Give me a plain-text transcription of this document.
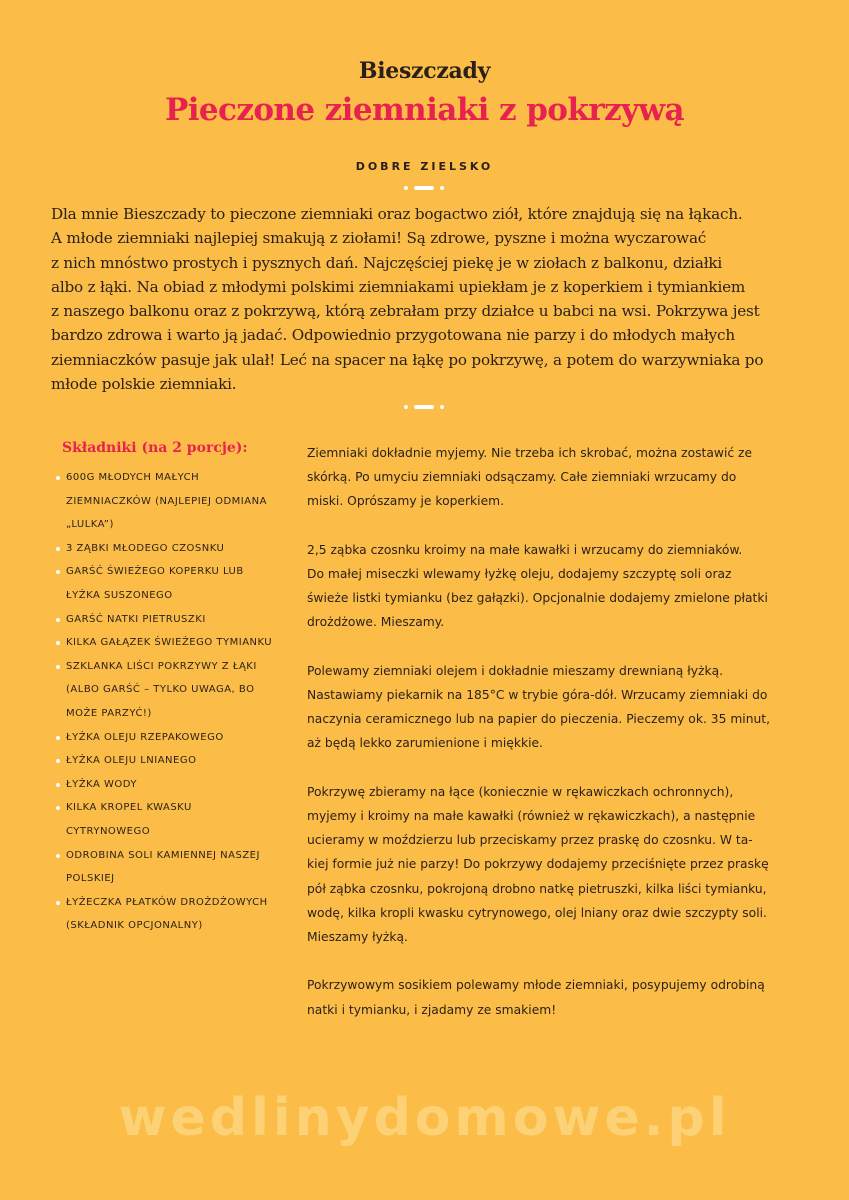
Bieszczady
Pieczone ziemniaki z pokrzywą
DOBRE ZIELSKO
Dla mnie Bieszczady to pieczone ziemniaki oraz bogactwo ziół, które znajdują się na łąkach.
A młode ziemniaki najlepiej smakują z ziołami! Są zdrowe, pyszne i można wyczarować
z nich mnóstwo prostych i pysznych dań. Najczęściej piekę je w ziołach z balkonu, działki
albo z łąki. Na obiad z młodymi polskimi ziemniakami upiekłam je z koperkiem i tymiankiem
z naszego balkonu oraz z pokrzywą, którą zebrałam przy działce u babci na wsi. Pokrzywa jest
bardzo zdrowa i warto ją jadać. Odpowiednio przygotowana nie parzy i do młodych małych
ziemniaczków pasuje jak ulał! Leć na spacer na łąkę po pokrzywę, a potem do warzywniaka po
młode polskie ziemniaki.
Składniki (na 2 porcje):
600G MŁODYCH MAŁYCH
ZIEMNIACZKÓW (NAJLEPIEJ ODMIANA
„LULKA”)
3 ZĄBKI MŁODEGO CZOSNKU
GARŚĆ ŚWIEŻEGO KOPERKU LUB
ŁYŻKA SUSZONEGO
GARŚĆ NATKI PIETRUSZKI
KILKA GAŁĄZEK ŚWIEŻEGO TYMIANKU
SZKLANKA LIŚCI POKRZYWY Z ŁĄKI
(ALBO GARŚĆ – TYLKO UWAGA, BO
MOŻE PARZYĆ!)
ŁYŻKA OLEJU RZEPAKOWEGO
ŁYŻKA OLEJU LNIANEGO
ŁYŻKA WODY
KILKA KROPEL KWASKU
CYTRYNOWEGO
ODROBINA SOLI KAMIENNEJ NASZEJ
POLSKIEJ
ŁYŻECZKA PŁATKÓW DROŻDŻOWYCH
(SKŁADNIK OPCJONALNY)

Ziemniaki dokładnie myjemy. Nie trzeba ich skrobać, można zostawić ze
skórką. Po umyciu ziemniaki odsączamy. Całe ziemniaki wrzucamy do
miski. Oprószamy je koperkiem.

2,5 ząbka czosnku kroimy na małe kawałki i wrzucamy do ziemniaków.
Do małej miseczki wlewamy łyżkę oleju, dodajemy szczyptę soli oraz
świeże listki tymianku (bez gałązki). Opcjonalnie dodajemy zmielone płatki
drożdżowe. Mieszamy.

Polewamy ziemniaki olejem i dokładnie mieszamy drewnianą łyżką.
Nastawiamy piekarnik na 185°C w trybie góra-dół. Wrzucamy ziemniaki do
naczynia ceramicznego lub na papier do pieczenia. Pieczemy ok. 35 minut,
aż będą lekko zarumienione i miękkie.

Pokrzywę zbieramy na łące (koniecznie w rękawiczkach ochronnych),
myjemy i kroimy na małe kawałki (również w rękawiczkach), a następnie
ucieramy w moździerzu lub przeciskamy przez praskę do czosnku. W ta-
kiej formie już nie parzy! Do pokrzywy dodajemy przeciśnięte przez praskę
pół ząbka czosnku, pokrojoną drobno natkę pietruszki, kilka liści tymianku,
wodę, kilka kropli kwasku cytrynowego, olej lniany oraz dwie szczypty soli.
Mieszamy łyżką.

Pokrzywowym sosikiem polewamy młode ziemniaki, posypujemy odrobiną
natki i tymianku, i zjadamy ze smakiem!

wedlinydomowe.pl
